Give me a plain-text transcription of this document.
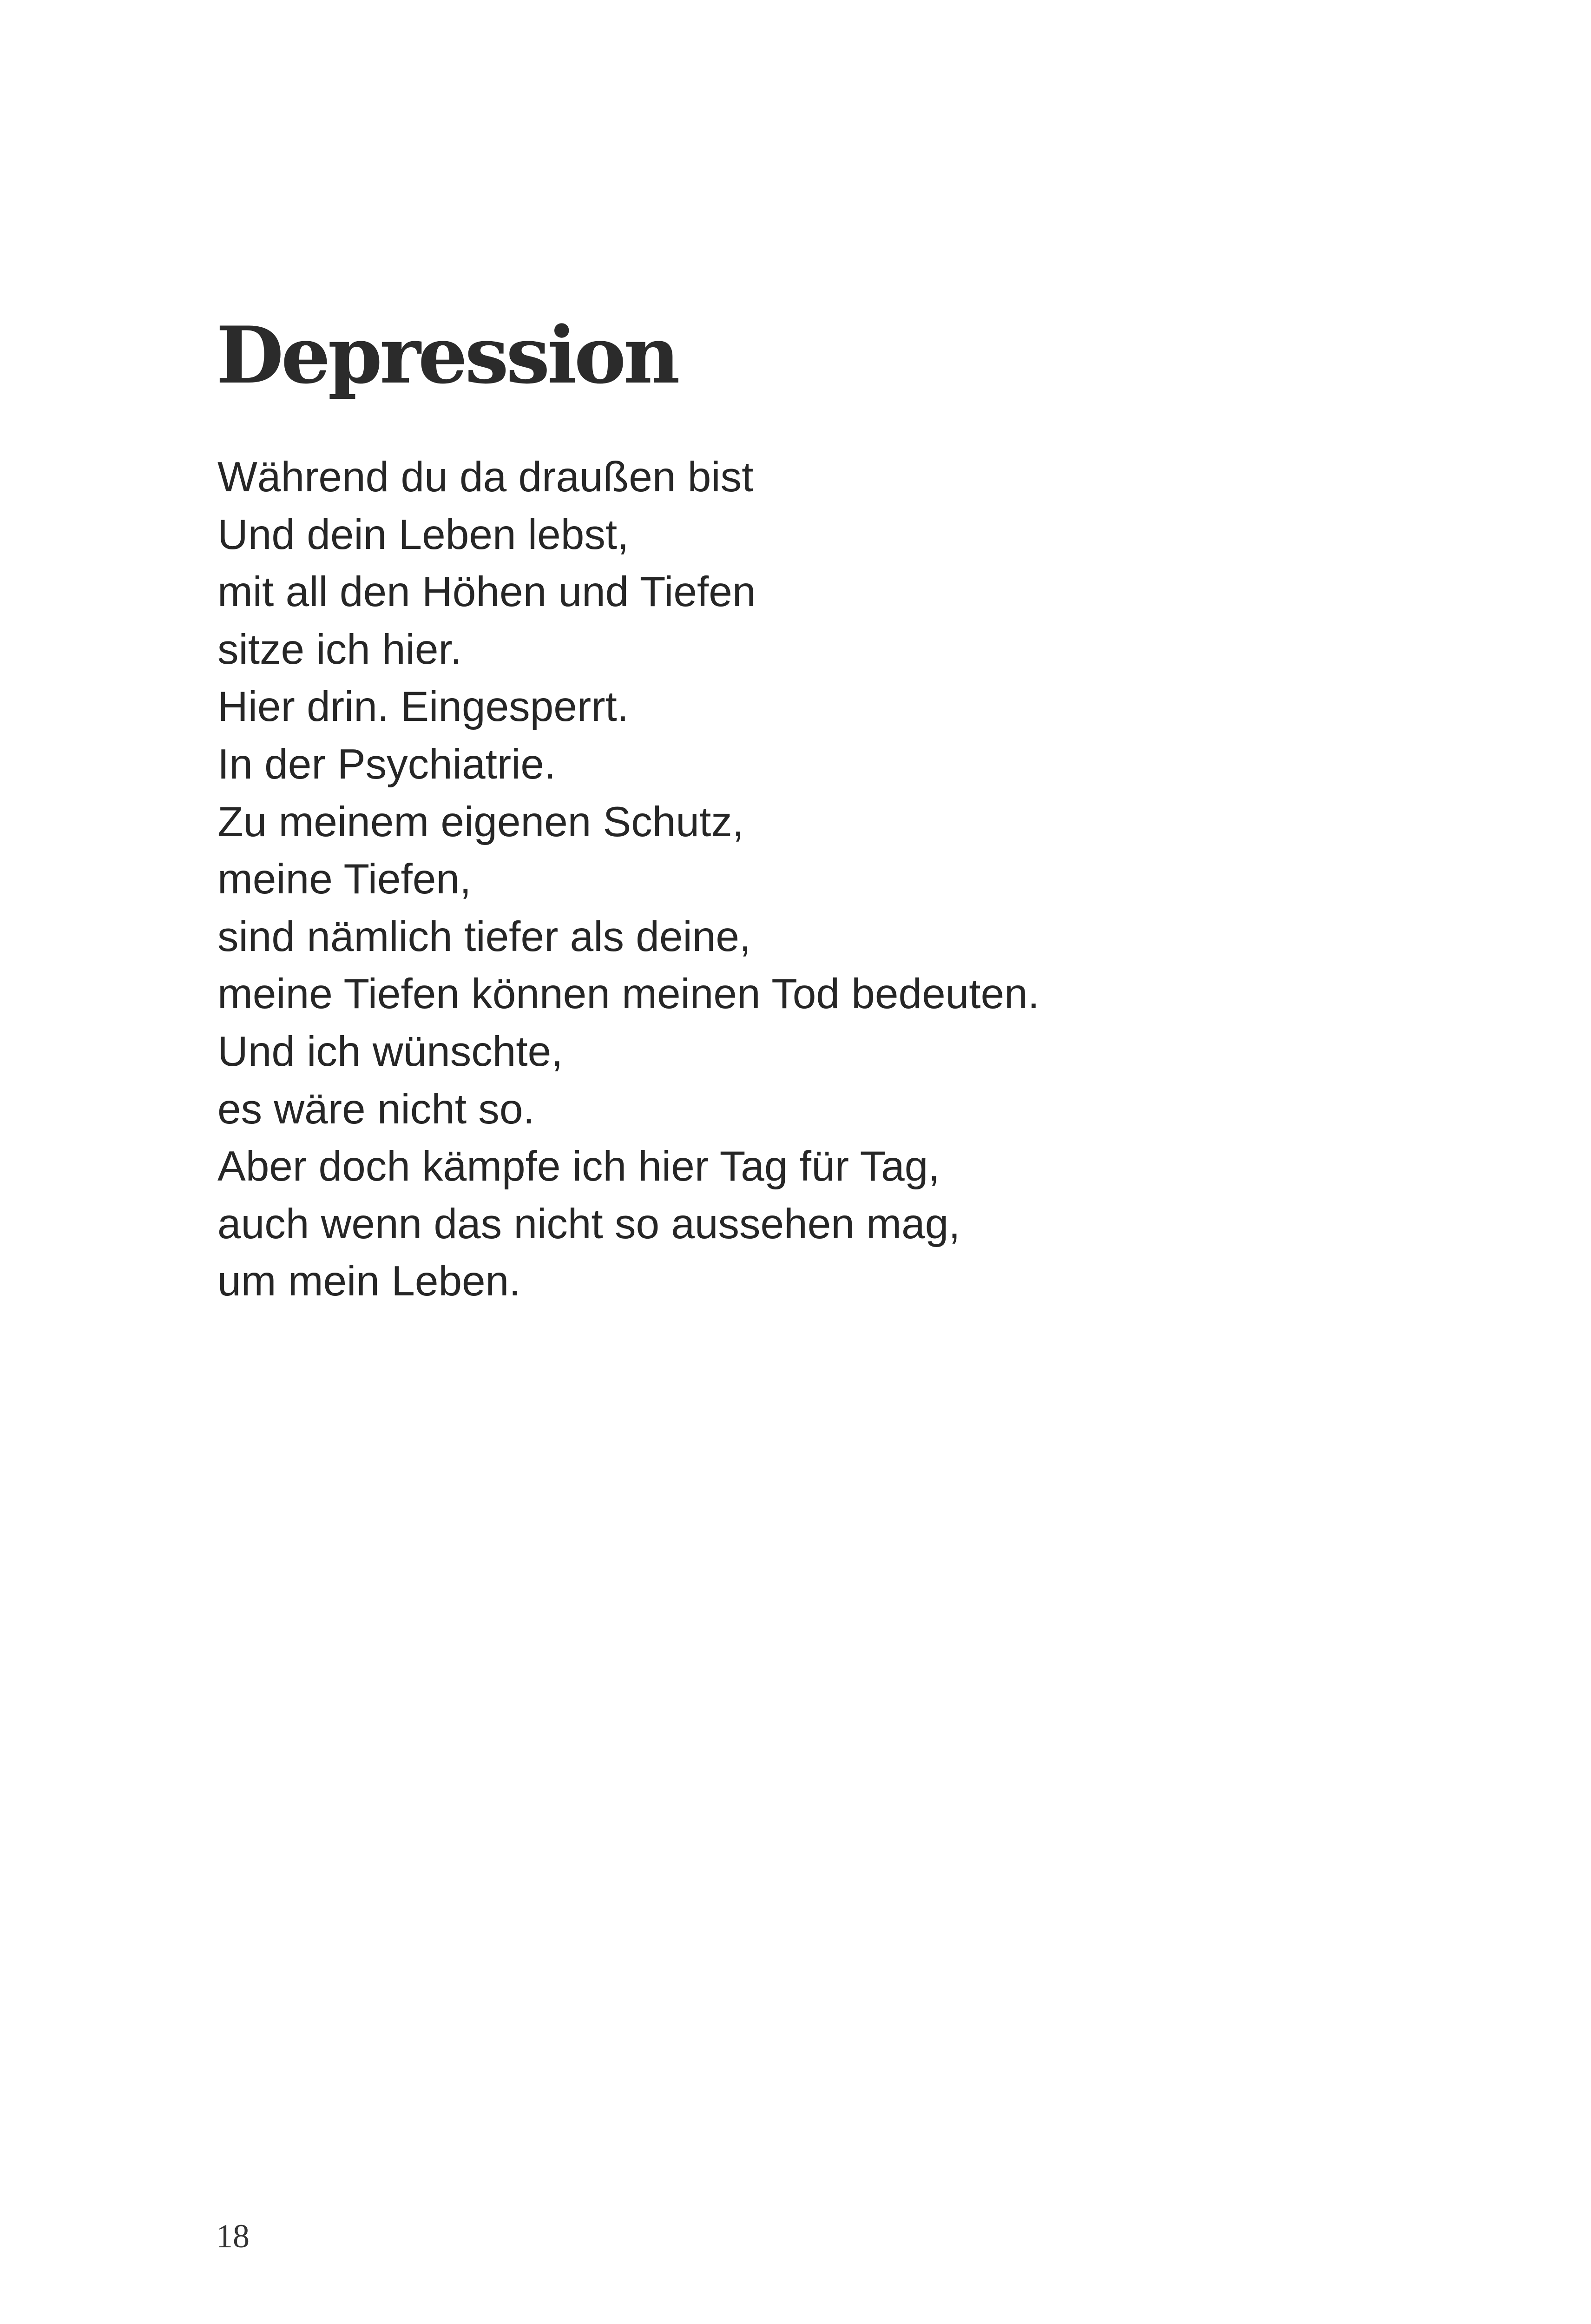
Depression
Während du da draußen bist
Und dein Leben lebst,
mit all den Höhen und Tiefen
sitze ich hier.
Hier drin. Eingesperrt.
In der Psychiatrie.
Zu meinem eigenen Schutz,
meine Tiefen,
sind nämlich tiefer als deine,
meine Tiefen können meinen Tod bedeuten.
Und ich wünschte,
es wäre nicht so.
Aber doch kämpfe ich hier Tag für Tag,
auch wenn das nicht so aussehen mag,
um mein Leben.
18
